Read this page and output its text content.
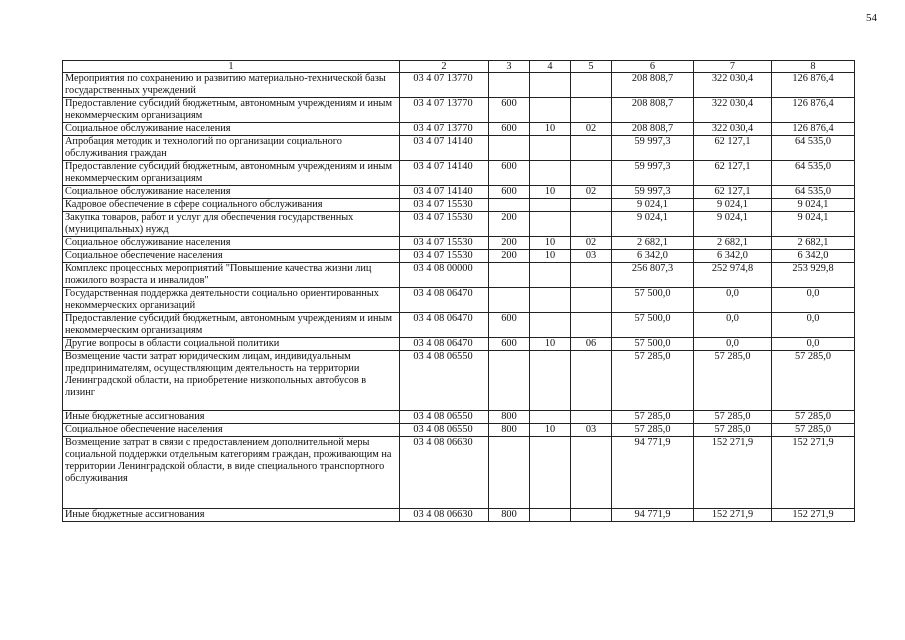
54
1	2	3	4	5	6	7	8
Мероприятия по сохранению и развитию материально-технической базы государственных учреждений	03 4 07 13770				208 808,7	322 030,4	126 876,4
Предоставление субсидий бюджетным, автономным учреждениям и иным некоммерческим организациям	03 4 07 13770	600			208 808,7	322 030,4	126 876,4
Социальное обслуживание населения	03 4 07 13770	600	10	02	208 808,7	322 030,4	126 876,4
Апробация методик и технологий по организации социального обслуживания граждан	03 4 07 14140				59 997,3	62 127,1	64 535,0
Предоставление субсидий бюджетным, автономным учреждениям и иным некоммерческим организациям	03 4 07 14140	600			59 997,3	62 127,1	64 535,0
Социальное обслуживание населения	03 4 07 14140	600	10	02	59 997,3	62 127,1	64 535,0
Кадровое обеспечение в сфере социального обслуживания	03 4 07 15530				9 024,1	9 024,1	9 024,1
Закупка товаров, работ и услуг для обеспечения государственных (муниципальных) нужд	03 4 07 15530	200			9 024,1	9 024,1	9 024,1
Социальное обслуживание населения	03 4 07 15530	200	10	02	2 682,1	2 682,1	2 682,1
Социальное обеспечение населения	03 4 07 15530	200	10	03	6 342,0	6 342,0	6 342,0
Комплекс процессных мероприятий "Повышение качества жизни лиц пожилого возраста и инвалидов"	03 4 08 00000				256 807,3	252 974,8	253 929,8
Государственная поддержка деятельности социально ориентированных некоммерческих организаций	03 4 08 06470				57 500,0	0,0	0,0
Предоставление субсидий бюджетным, автономным учреждениям и иным некоммерческим организациям	03 4 08 06470	600			57 500,0	0,0	0,0
Другие вопросы в области социальной политики	03 4 08 06470	600	10	06	57 500,0	0,0	0,0
Возмещение части затрат юридическим лицам, индивидуальным предпринимателям, осуществляющим деятельность на территории Ленинградской области, на приобретение низкопольных автобусов в лизинг	03 4 08 06550				57 285,0	57 285,0	57 285,0
Иные бюджетные ассигнования	03 4 08 06550	800			57 285,0	57 285,0	57 285,0
Социальное обеспечение населения	03 4 08 06550	800	10	03	57 285,0	57 285,0	57 285,0
Возмещение затрат в связи с предоставлением дополнительной меры социальной поддержки отдельным категориям граждан, проживающим на территории Ленинградской области, в виде специального транспортного обслуживания	03 4 08 06630				94 771,9	152 271,9	152 271,9
Иные бюджетные ассигнования	03 4 08 06630	800			94 771,9	152 271,9	152 271,9
